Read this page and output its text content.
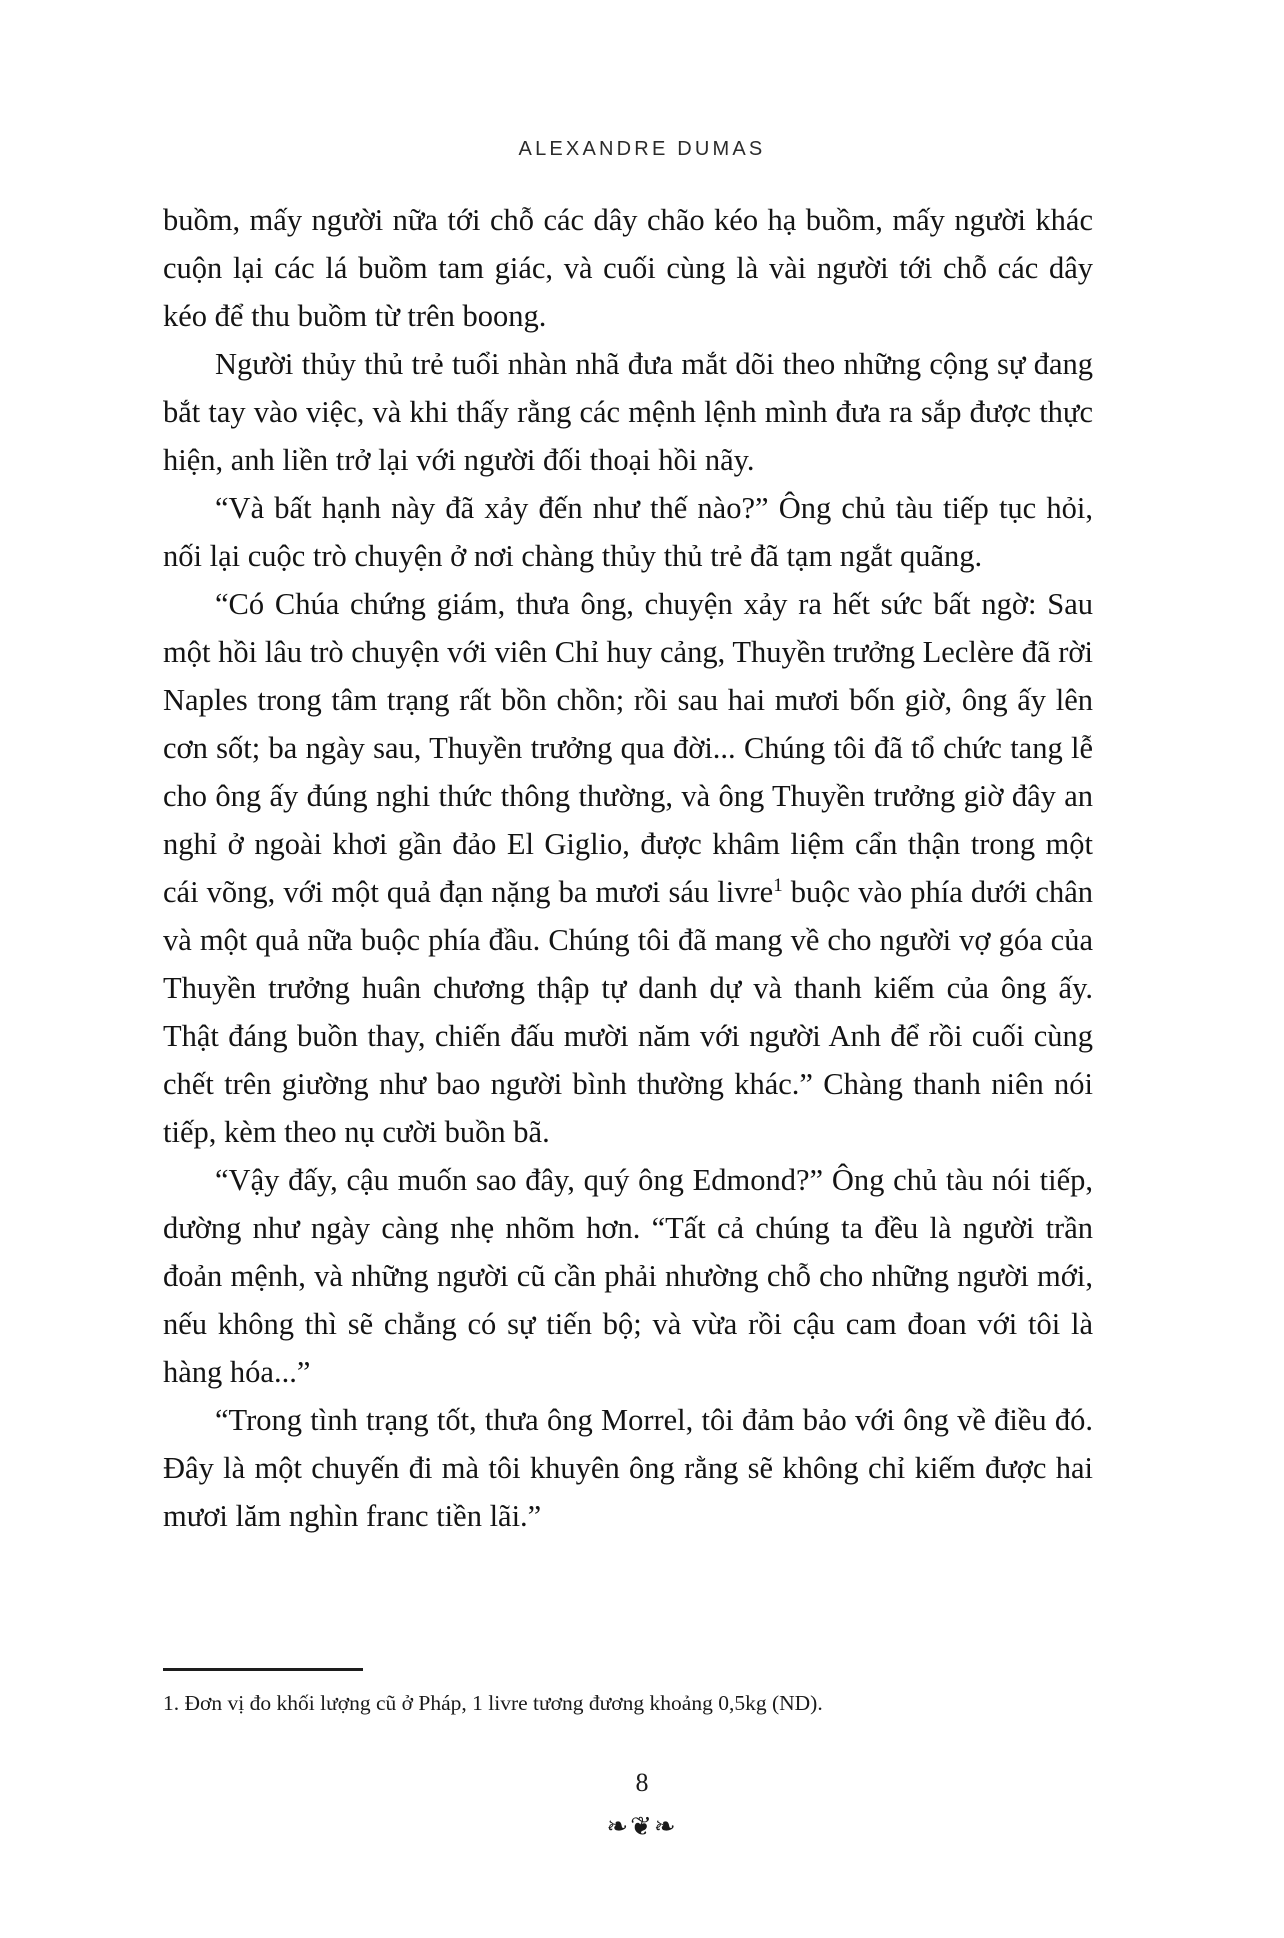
ALEXANDRE DUMAS

buồm, mấy người nữa tới chỗ các dây chão kéo hạ buồm, mấy người khác cuộn lại các lá buồm tam giác, và cuối cùng là vài người tới chỗ các dây kéo để thu buồm từ trên boong.

Người thủy thủ trẻ tuổi nhàn nhã đưa mắt dõi theo những cộng sự đang bắt tay vào việc, và khi thấy rằng các mệnh lệnh mình đưa ra sắp được thực hiện, anh liền trở lại với người đối thoại hồi nãy.

“Và bất hạnh này đã xảy đến như thế nào?” Ông chủ tàu tiếp tục hỏi, nối lại cuộc trò chuyện ở nơi chàng thủy thủ trẻ đã tạm ngắt quãng.

“Có Chúa chứng giám, thưa ông, chuyện xảy ra hết sức bất ngờ: Sau một hồi lâu trò chuyện với viên Chỉ huy cảng, Thuyền trưởng Leclère đã rời Naples trong tâm trạng rất bồn chồn; rồi sau hai mươi bốn giờ, ông ấy lên cơn sốt; ba ngày sau, Thuyền trưởng qua đời... Chúng tôi đã tổ chức tang lễ cho ông ấy đúng nghi thức thông thường, và ông Thuyền trưởng giờ đây an nghỉ ở ngoài khơi gần đảo El Giglio, được khâm liệm cẩn thận trong một cái võng, với một quả đạn nặng ba mươi sáu livre$^1$ buộc vào phía dưới chân và một quả nữa buộc phía đầu. Chúng tôi đã mang về cho người vợ góa của Thuyền trưởng huân chương thập tự danh dự và thanh kiếm của ông ấy. Thật đáng buồn thay, chiến đấu mười năm với người Anh để rồi cuối cùng chết trên giường như bao người bình thường khác.” Chàng thanh niên nói tiếp, kèm theo nụ cười buồn bã.

“Vậy đấy, cậu muốn sao đây, quý ông Edmond?” Ông chủ tàu nói tiếp, dường như ngày càng nhẹ nhõm hơn. “Tất cả chúng ta đều là người trần đoản mệnh, và những người cũ cần phải nhường chỗ cho những người mới, nếu không thì sẽ chẳng có sự tiến bộ; và vừa rồi cậu cam đoan với tôi là hàng hóa...”

“Trong tình trạng tốt, thưa ông Morrel, tôi đảm bảo với ông về điều đó. Đây là một chuyến đi mà tôi khuyên ông rằng sẽ không chỉ kiếm được hai mươi lăm nghìn franc tiền lãi.”

1. Đơn vị đo khối lượng cũ ở Pháp, 1 livre tương đương khoảng 0,5kg (ND).
8
❧❦❧
